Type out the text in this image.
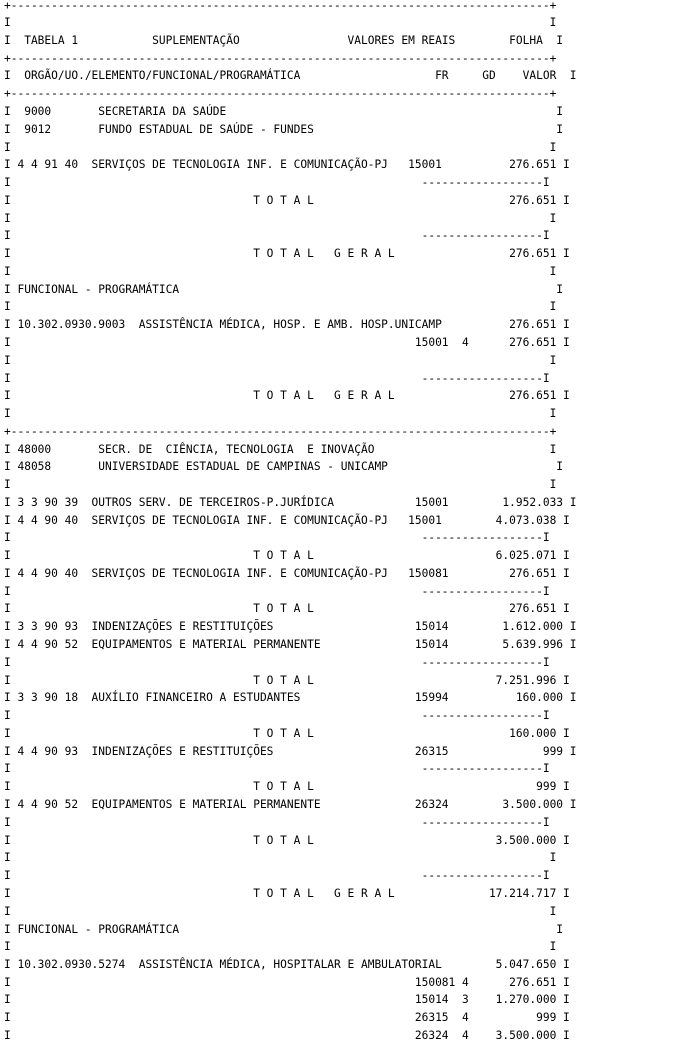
+--------------------------------------------------------------------------------+
I                                                                                I
I  TABELA 1           SUPLEMENTAÇÃO                VALORES EM REAIS        FOLHA  I
+--------------------------------------------------------------------------------+
I  ORGÃO/UO./ELEMENTO/FUNCIONAL/PROGRAMÁTICA                    FR     GD    VALOR  I
+--------------------------------------------------------------------------------+
I  9000       SECRETARIA DA SAÚDE                                                 I
I  9012       FUNDO ESTADUAL DE SAÚDE - FUNDES                                    I
I                                                                                I
I 4 4 91 40  SERVIÇOS DE TECNOLOGIA INF. E COMUNICAÇÃO-PJ   15001          276.651 I
I                                                             ------------------I
I                                    T O T A L                             276.651 I
I                                                                                I
I                                                             ------------------I
I                                    T O T A L   G E R A L                 276.651 I
I                                                                                I
I FUNCIONAL - PROGRAMÁTICA                                                        I
I                                                                                I
I 10.302.0930.9003  ASSISTÊNCIA MÉDICA, HOSP. E AMB. HOSP.UNICAMP          276.651 I
I                                                            15001  4      276.651 I
I                                                                                I
I                                                             ------------------I
I                                    T O T A L   G E R A L                 276.651 I
I                                                                                I
+--------------------------------------------------------------------------------+
I 48000       SECR. DE  CIÊNCIA, TECNOLOGIA  E INOVAÇÃO                          I
I 48058       UNIVERSIDADE ESTADUAL DE CAMPINAS - UNICAMP                         I
I                                                                                I
I 3 3 90 39  OUTROS SERV. DE TERCEIROS-P.JURÍDICA            15001        1.952.033 I
I 4 4 90 40  SERVIÇOS DE TECNOLOGIA INF. E COMUNICAÇÃO-PJ   15001        4.073.038 I
I                                                             ------------------I
I                                    T O T A L                           6.025.071 I
I 4 4 90 40  SERVIÇOS DE TECNOLOGIA INF. E COMUNICAÇÃO-PJ   150081         276.651 I
I                                                             ------------------I
I                                    T O T A L                             276.651 I
I 3 3 90 93  INDENIZAÇÕES E RESTITUIÇÕES                     15014        1.612.000 I
I 4 4 90 52  EQUIPAMENTOS E MATERIAL PERMANENTE              15014        5.639.996 I
I                                                             ------------------I
I                                    T O T A L                           7.251.996 I
I 3 3 90 18  AUXÍLIO FINANCEIRO A ESTUDANTES                 15994          160.000 I
I                                                             ------------------I
I                                    T O T A L                             160.000 I
I 4 4 90 93  INDENIZAÇÕES E RESTITUIÇÕES                     26315              999 I
I                                                             ------------------I
I                                    T O T A L                                 999 I
I 4 4 90 52  EQUIPAMENTOS E MATERIAL PERMANENTE              26324        3.500.000 I
I                                                             ------------------I
I                                    T O T A L                           3.500.000 I
I                                                                                I
I                                                             ------------------I
I                                    T O T A L   G E R A L              17.214.717 I
I                                                                                I
I FUNCIONAL - PROGRAMÁTICA                                                        I
I                                                                                I
I 10.302.0930.5274  ASSISTÊNCIA MÉDICA, HOSPITALAR E AMBULATORIAL        5.047.650 I
I                                                            150081 4      276.651 I
I                                                            15014  3    1.270.000 I
I                                                            26315  4          999 I
I                                                            26324  4    3.500.000 I
